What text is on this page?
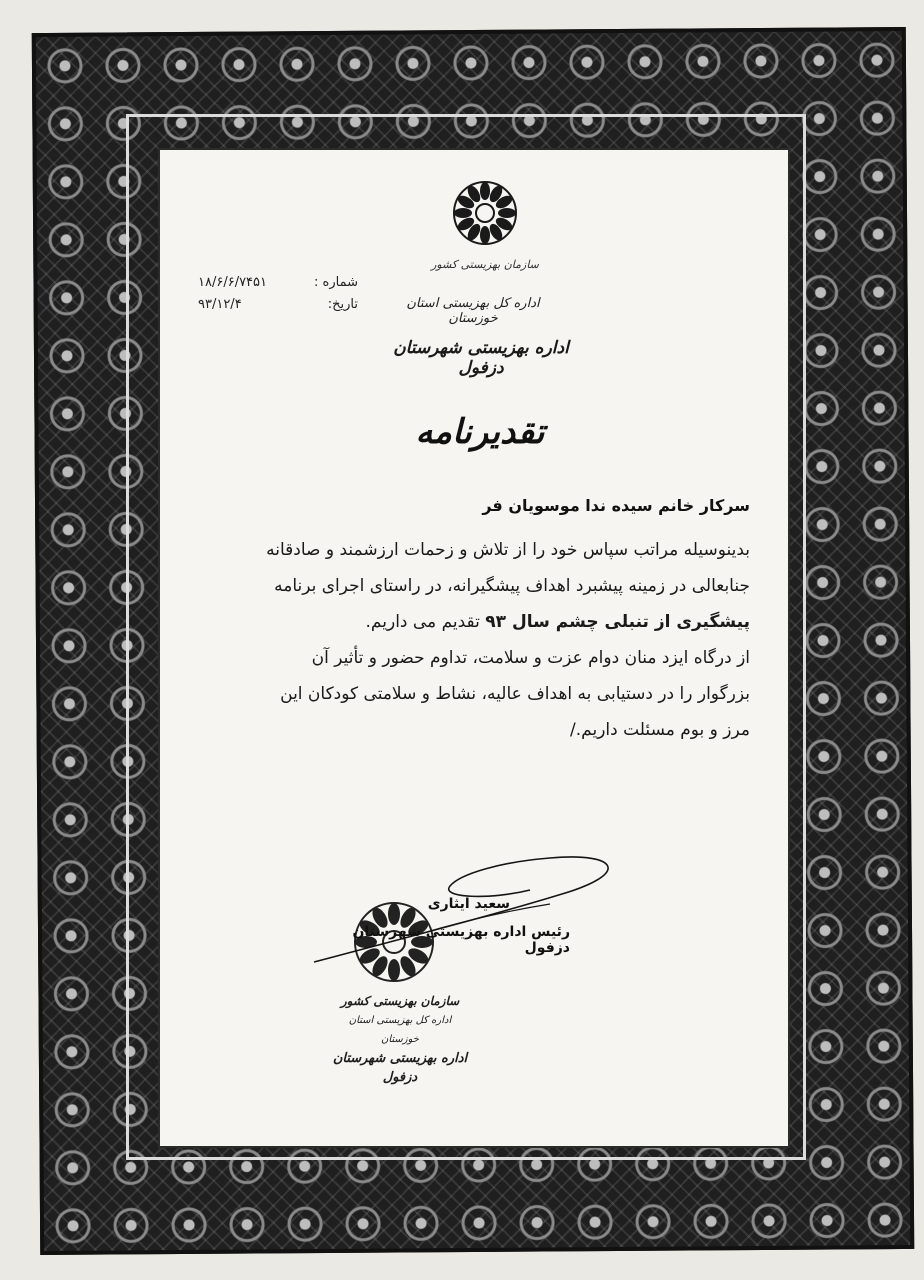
سازمان بهزیستی کشور
اداره کل بهزیستی استان خوزستان
اداره بهزیستی شهرستان دزفول
شماره :
۱۸/۶/۶/۷۴۵۱
تاریخ:
۹۳/۱۲/۴
تقدیرنامه
سرکار خانم سیده ندا موسویان فر

بدینوسیله مراتب سپاس خود را از تلاش و زحمات ارزشمند و صادقانه

جنابعالی در زمینه پیشبرد اهداف پیشگیرانه، در راستای اجرای برنامه

پیشگیری از تنبلی چشم سال ۹۳ تقدیم می داریم.

از درگاه ایزد منان دوام عزت و سلامت، تداوم حضور و تأثیر آن

بزرگوار را در دستیابی به اهداف عالیه، نشاط و سلامتی کودکان این

مرز و بوم مسئلت داریم./

سعید ایثاری
رئیس اداره بهزیستی شهرستان دزفول
سازمان بهزیستی کشور
اداره کل بهزیستی استان خوزستان
اداره بهزیستی شهرستان دزفول
